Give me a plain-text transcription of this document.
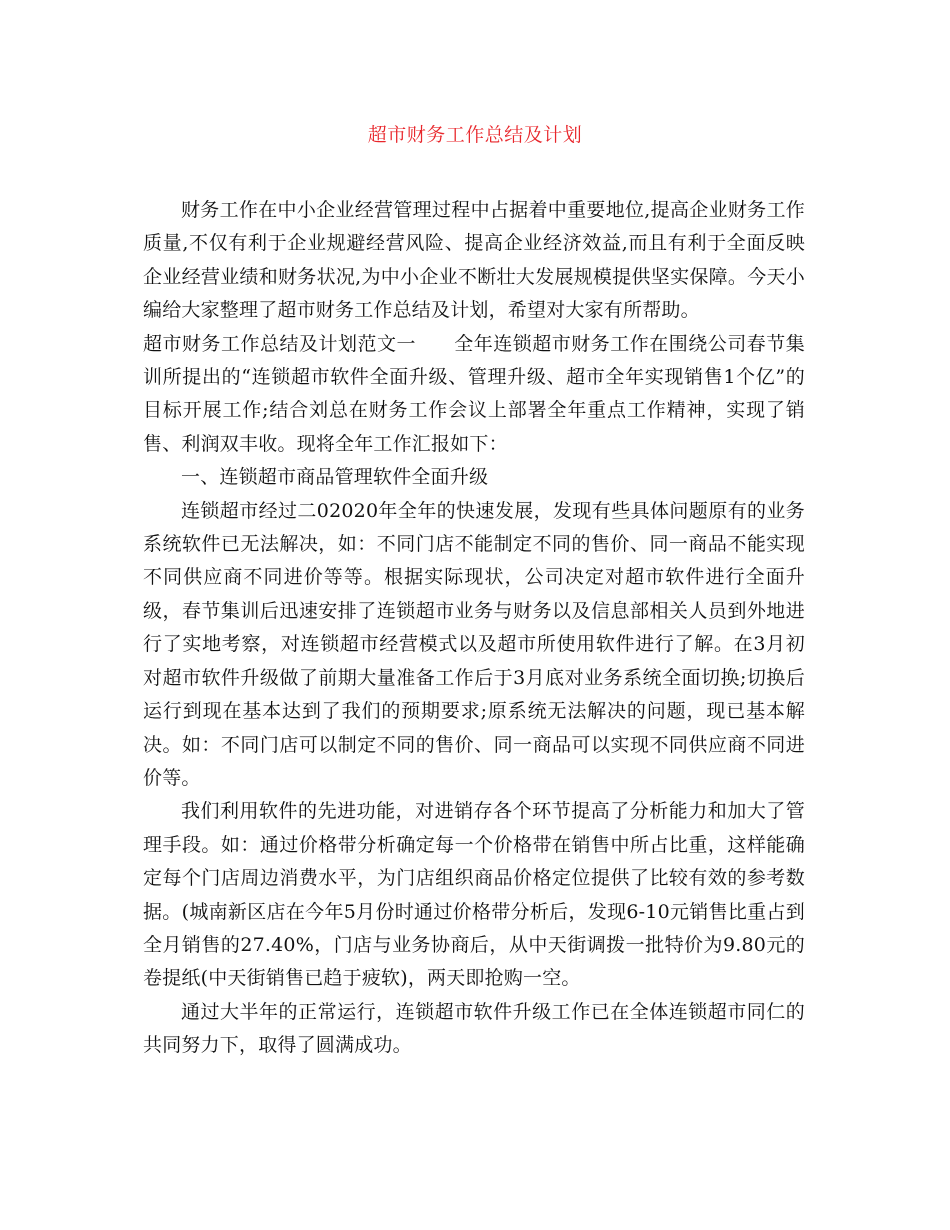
超市财务工作总结及计划

财务工作在中小企业经营管理过程中占据着中重要地位,提高企业财务工作质量,不仅有利于企业规避经营风险、提高企业经济效益,而且有利于全面反映企业经营业绩和财务状况,为中小企业不断壮大发展规模提供坚实保障。今天小编给大家整理了超市财务工作总结及计划，希望对大家有所帮助。

超市财务工作总结及计划范文一 全年连锁超市财务工作在围绕公司春节集训所提出的“连锁超市软件全面升级、管理升级、超市全年实现销售1个亿”的目标开展工作;结合刘总在财务工作会议上部署全年重点工作精神，实现了销售、利润双丰收。现将全年工作汇报如下：

一、连锁超市商品管理软件全面升级

连锁超市经过二02020年全年的快速发展，发现有些具体问题原有的业务系统软件已无法解决，如：不同门店不能制定不同的售价、同一商品不能实现不同供应商不同进价等等。根据实际现状，公司决定对超市软件进行全面升级，春节集训后迅速安排了连锁超市业务与财务以及信息部相关人员到外地进行了实地考察，对连锁超市经营模式以及超市所使用软件进行了解。在3月初对超市软件升级做了前期大量准备工作后于3月底对业务系统全面切换;切换后运行到现在基本达到了我们的预期要求;原系统无法解决的问题，现已基本解决。如：不同门店可以制定不同的售价、同一商品可以实现不同供应商不同进价等。

我们利用软件的先进功能，对进销存各个环节提高了分析能力和加大了管理手段。如：通过价格带分析确定每一个价格带在销售中所占比重，这样能确定每个门店周边消费水平，为门店组织商品价格定位提供了比较有效的参考数据。(城南新区店在今年5月份时通过价格带分析后，发现6-10元销售比重占到全月销售的27.40%，门店与业务协商后，从中天街调拨一批特价为9.80元的卷提纸(中天街销售已趋于疲软)，两天即抢购一空。

通过大半年的正常运行，连锁超市软件升级工作已在全体连锁超市同仁的共同努力下，取得了圆满成功。
